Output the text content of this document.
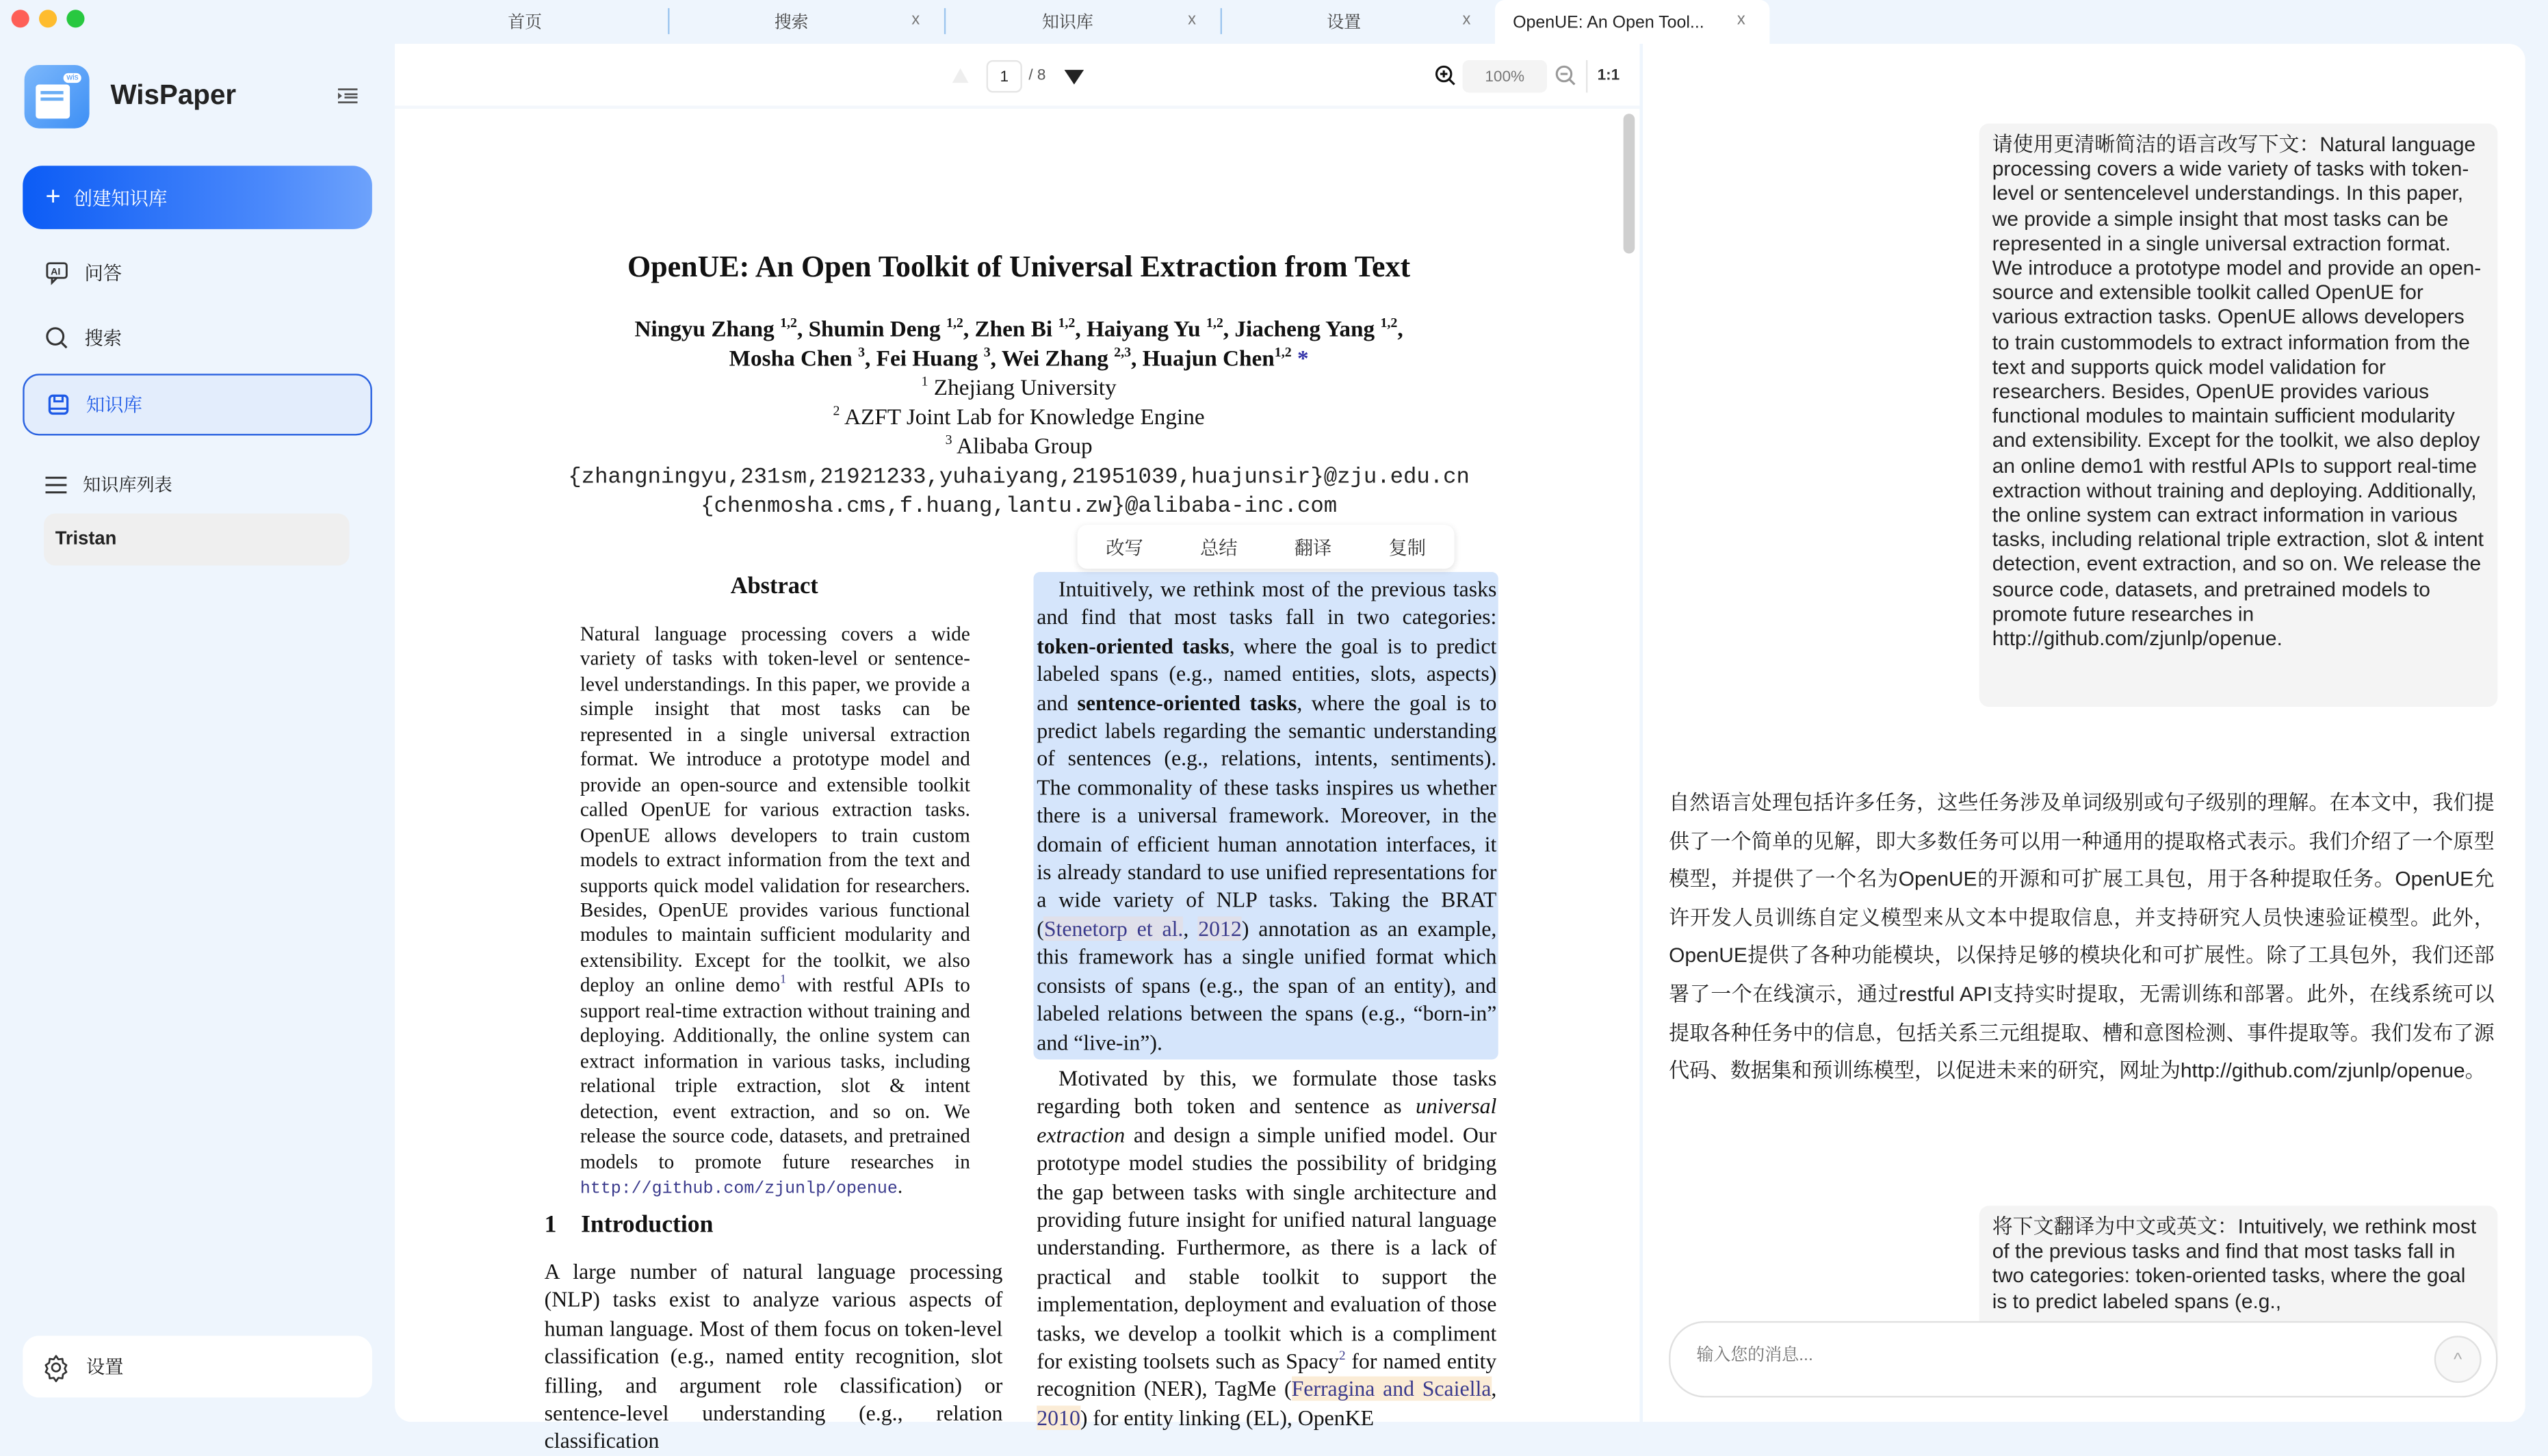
首页	搜索	x	知识库	x	设置	x	OpenUE: An Open Tool...	x
wis
WisPaper
+ 创建知识库
AI	问答
搜索
知识库
知识库列表
Tristan
设置
1	/ 8	100%	1:1
OpenUE: An Open Toolkit of Universal Extraction from Text
Ningyu Zhang $^{1,2}$, Shumin Deng $^{1,2}$, Zhen Bi $^{1,2}$, Haiyang Yu $^{1,2}$, Jiacheng Yang $^{1,2}$,
Mosha Chen $^3$, Fei Huang $^3$, Wei Zhang $^{2,3}$, Huajun Chen$^{1,2}$ *
$^1$ Zhejiang University
$^2$ AZFT Joint Lab for Knowledge Engine
$^3$ Alibaba Group
{zhangningyu,231sm,21921233,yuhaiyang,21951039,huajunsir}@zju.edu.cn
{chenmosha.cms,f.huang,lantu.zw}@alibaba-inc.com
Abstract

Natural language processing covers a wide variety of tasks with token-level or sentence-level understandings. In this paper, we provide a simple insight that most tasks can be represented in a single universal extraction format. We introduce a prototype model and provide an open-source and extensible toolkit called OpenUE for various extraction tasks. OpenUE allows developers to train custom models to extract information from the text and supports quick model validation for researchers. Besides, OpenUE provides various functional modules to maintain sufficient modularity and extensibility. Except for the toolkit, we also deploy an online demo$^1$ with restful APIs to support real-time extraction without training and deploying. Additionally, the online system can extract information in various tasks, including relational triple extraction, slot & intent detection, event extraction, and so on. We release the source code, datasets, and pretrained models to promote future researches in http://github.com/zjunlp/openue.

1  Introduction

A large number of natural language processing (NLP) tasks exist to analyze various aspects of human language. Most of them focus on token-level classification (e.g., named entity recognition, slot filling, and argument role classification) or sentence-level understanding (e.g., relation classification

 Intuitively, we rethink most of the previous tasks and find that most tasks fall in two categories: token-oriented tasks, where the goal is to predict labeled spans (e.g., named entities, slots, aspects) and sentence-oriented tasks, where the goal is to predict labels regarding the semantic understanding of sentences (e.g., relations, intents, sentiments). The commonality of these tasks inspires us whether there is a universal framework. Moreover, in the domain of efficient human annotation interfaces, it is already standard to use unified representations for a wide variety of NLP tasks. Taking the BRAT (Stenetorp et al., 2012) annotation as an example, this framework has a single unified format which consists of spans (e.g., the span of an entity), and labeled relations between the spans (e.g., “born-in” and “live-in”).

 Motivated by this, we formulate those tasks regarding both token and sentence as universal extraction and design a simple unified model. Our prototype model studies the possibility of bridging the gap between tasks with single architecture and providing future insight for unified natural language understanding. Furthermore, as there is a lack of practical and stable toolkit to support the implementation, deployment and evaluation of those tasks, we develop a toolkit which is a compliment for existing toolsets such as Spacy$^2$ for named entity recognition (NER), TagMe (Ferragina and Scaiella, 2010) for entity linking (EL), OpenKE

改写	总结	翻译	复制
请使用更清晰简洁的语言改写下文：Natural language processing covers a wide variety of tasks with token-level or sentencelevel understandings. In this paper, we provide a simple insight that most tasks can be represented in a single universal extraction format. We introduce a prototype model and provide an open-source and extensible toolkit called OpenUE for various extraction tasks. OpenUE allows developers to train custommodels to extract information from the text and supports quick model validation for researchers. Besides, OpenUE provides various functional modules to maintain sufficient modularity and extensibility. Except for the toolkit, we also deploy an online demo1 with restful APIs to support real-time extraction without training and deploying. Additionally, the online system can extract information in various tasks, including relational triple extraction, slot & intent detection, event extraction, and so on. We release the source code, datasets, and pretrained models to promote future researches in http://github.com/zjunlp/openue.
自然语言处理包括许多任务，这些任务涉及单词级别或句子级别的理解。在本文中，我们提供了一个简单的见解，即大多数任务可以用一种通用的提取格式表示。我们介绍了一个原型模型，并提供了一个名为OpenUE的开源和可扩展工具包，用于各种提取任务。OpenUE允许开发人员训练自定义模型来从文本中提取信息，并支持研究人员快速验证模型。此外，OpenUE提供了各种功能模块，以保持足够的模块化和可扩展性。除了工具包外，我们还部署了一个在线演示，通过restful API支持实时提取，无需训练和部署。此外，在线系统可以提取各种任务中的信息，包括关系三元组提取、槽和意图检测、事件提取等。我们发布了源代码、数据集和预训练模型，以促进未来的研究，网址为http://github.com/zjunlp/openue。
将下文翻译为中文或英文：Intuitively, we rethink most of the previous tasks and find that most tasks fall in two categories: token-oriented tasks, where the goal is to predict labeled spans (e.g.,
输入您的消息...
^
